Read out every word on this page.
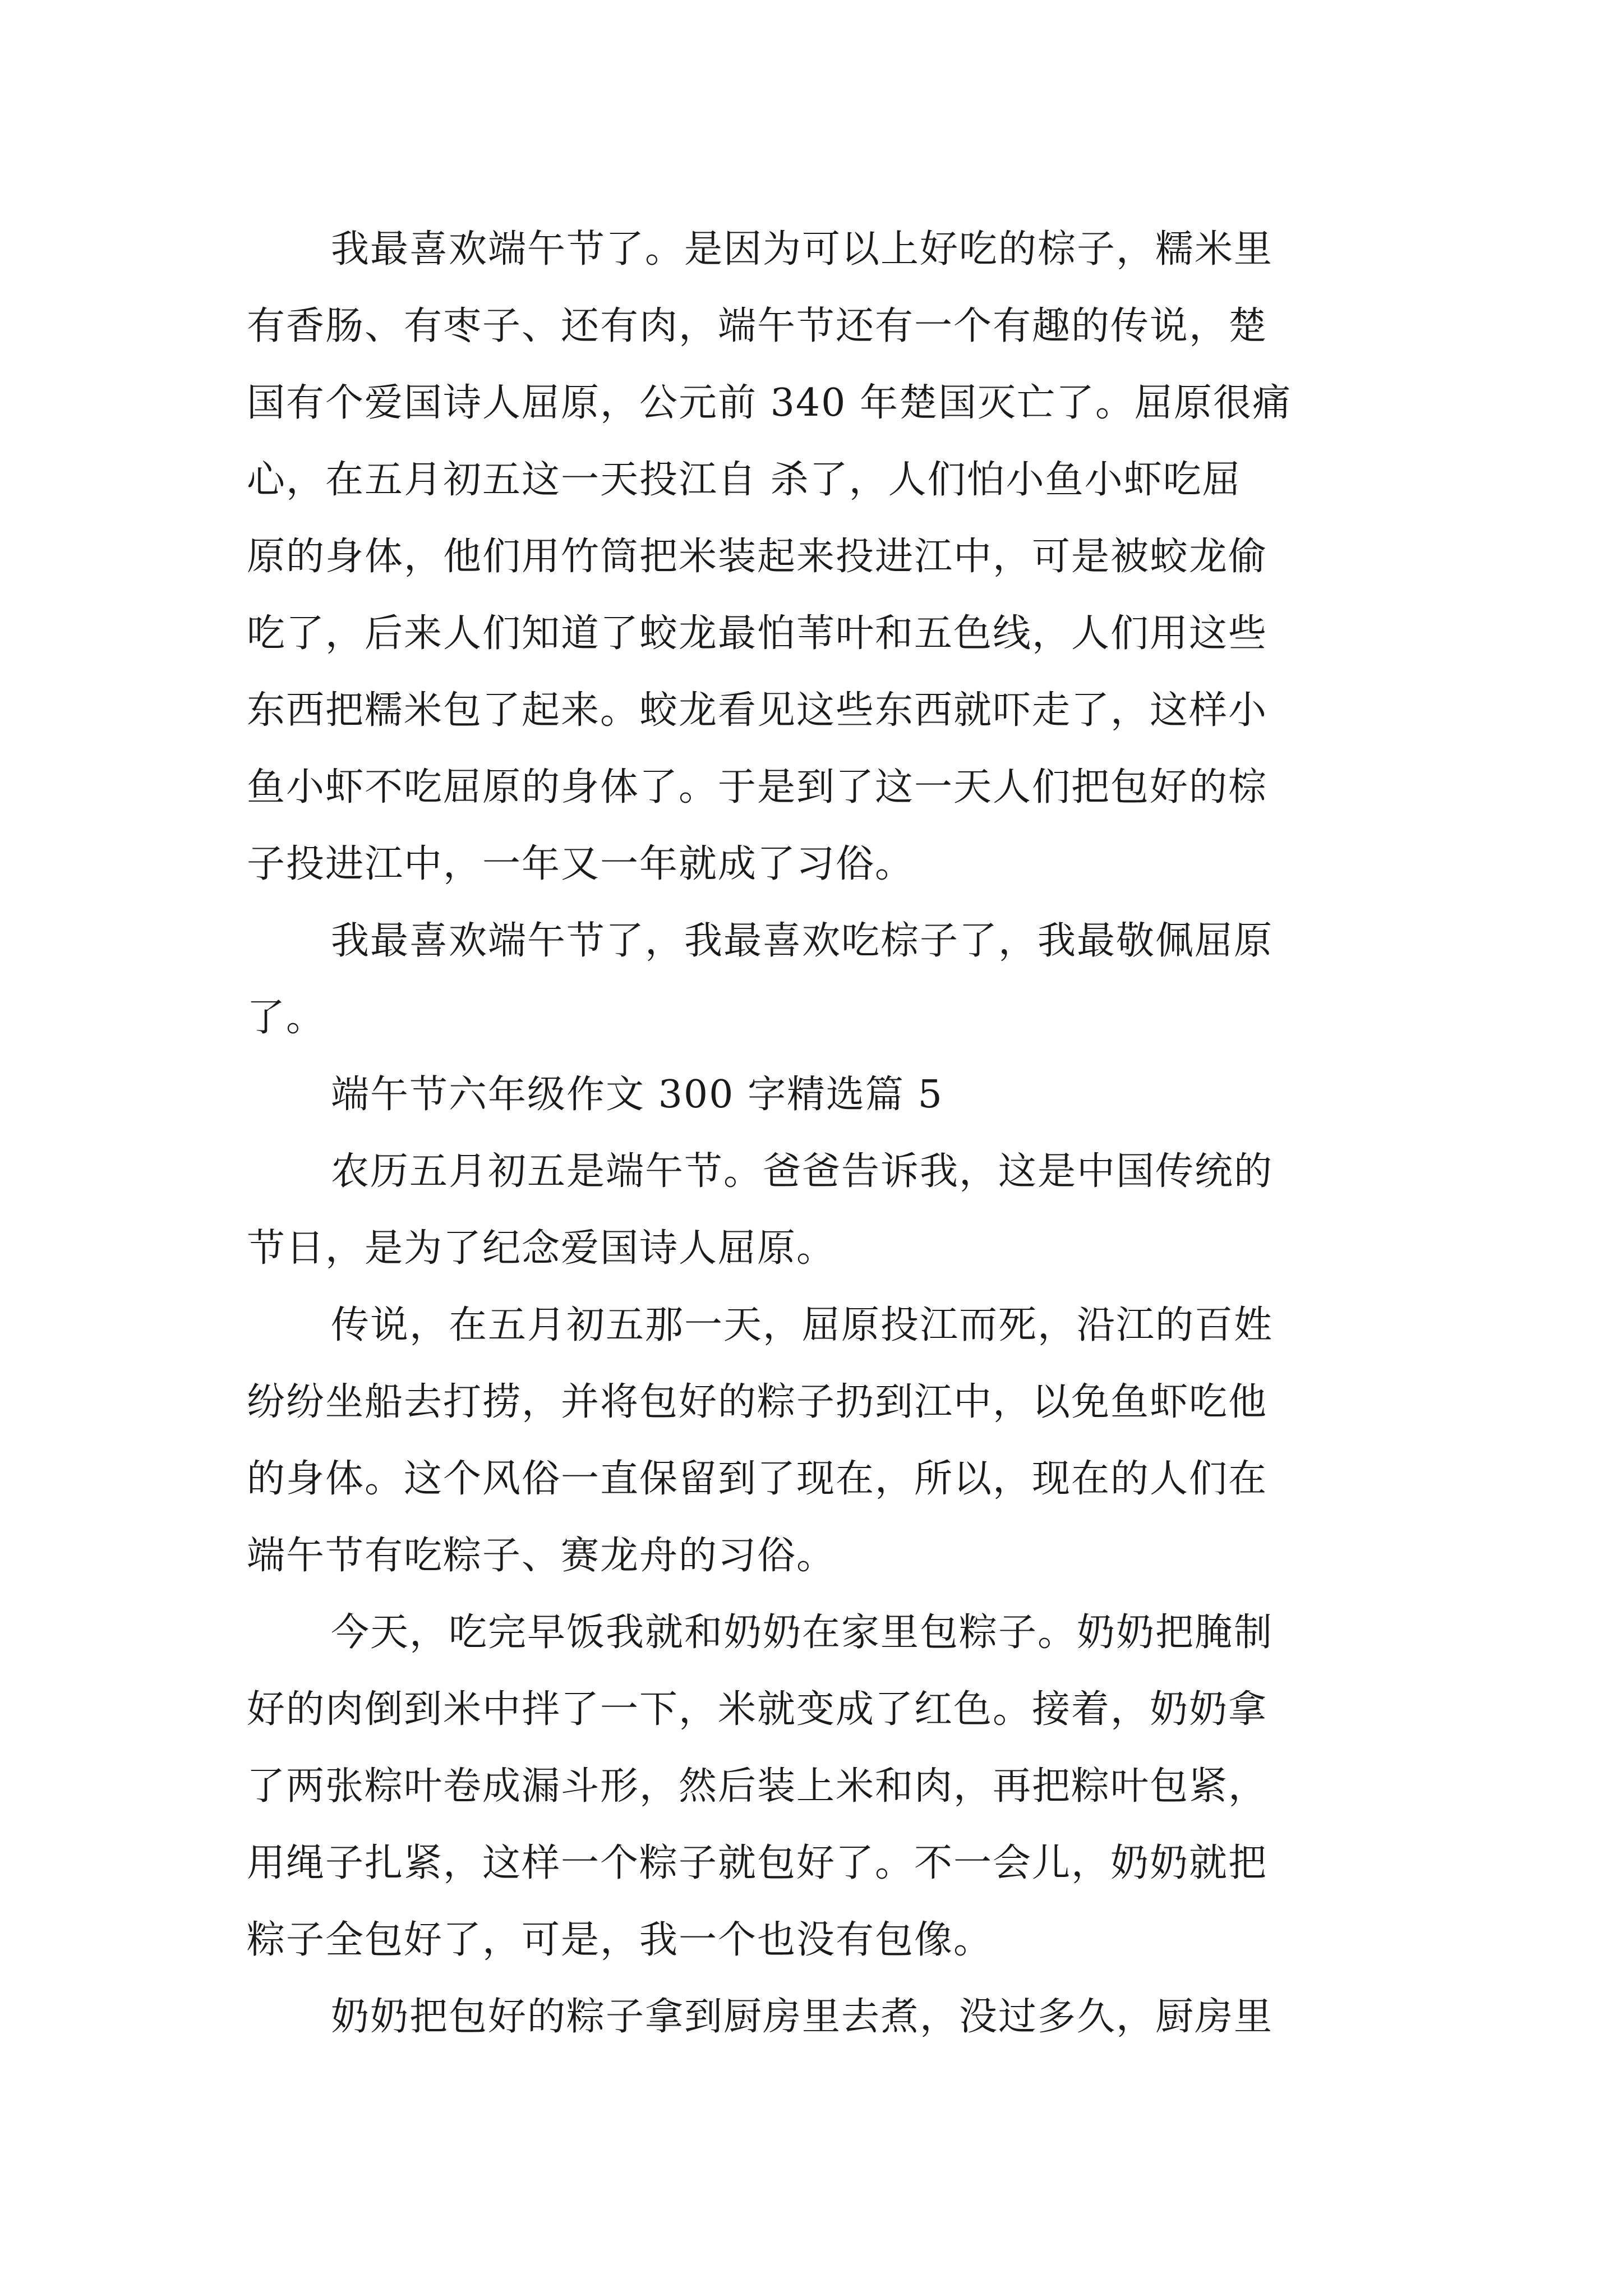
我最喜欢端午节了。是因为可以上好吃的棕子，糯米里
有香肠、有枣子、还有肉，端午节还有一个有趣的传说，楚
国有个爱国诗人屈原，公元前 340 年楚国灭亡了。屈原很痛
心，在五月初五这一天投江自 杀了，人们怕小鱼小虾吃屈
原的身体，他们用竹筒把米装起来投进江中，可是被蛟龙偷
吃了，后来人们知道了蛟龙最怕苇叶和五色线，人们用这些
东西把糯米包了起来。蛟龙看见这些东西就吓走了，这样小
鱼小虾不吃屈原的身体了。于是到了这一天人们把包好的棕
子投进江中，一年又一年就成了习俗。
我最喜欢端午节了，我最喜欢吃棕子了，我最敬佩屈原
了。
端午节六年级作文 300 字精选篇 5
农历五月初五是端午节。爸爸告诉我，这是中国传统的
节日，是为了纪念爱国诗人屈原。
传说，在五月初五那一天，屈原投江而死，沿江的百姓
纷纷坐船去打捞，并将包好的粽子扔到江中，以免鱼虾吃他
的身体。这个风俗一直保留到了现在，所以，现在的人们在
端午节有吃粽子、赛龙舟的习俗。
今天，吃完早饭我就和奶奶在家里包粽子。奶奶把腌制
好的肉倒到米中拌了一下，米就变成了红色。接着，奶奶拿
了两张粽叶卷成漏斗形，然后装上米和肉，再把粽叶包紧，
用绳子扎紧，这样一个粽子就包好了。不一会儿，奶奶就把
粽子全包好了，可是，我一个也没有包像。
奶奶把包好的粽子拿到厨房里去煮，没过多久，厨房里
